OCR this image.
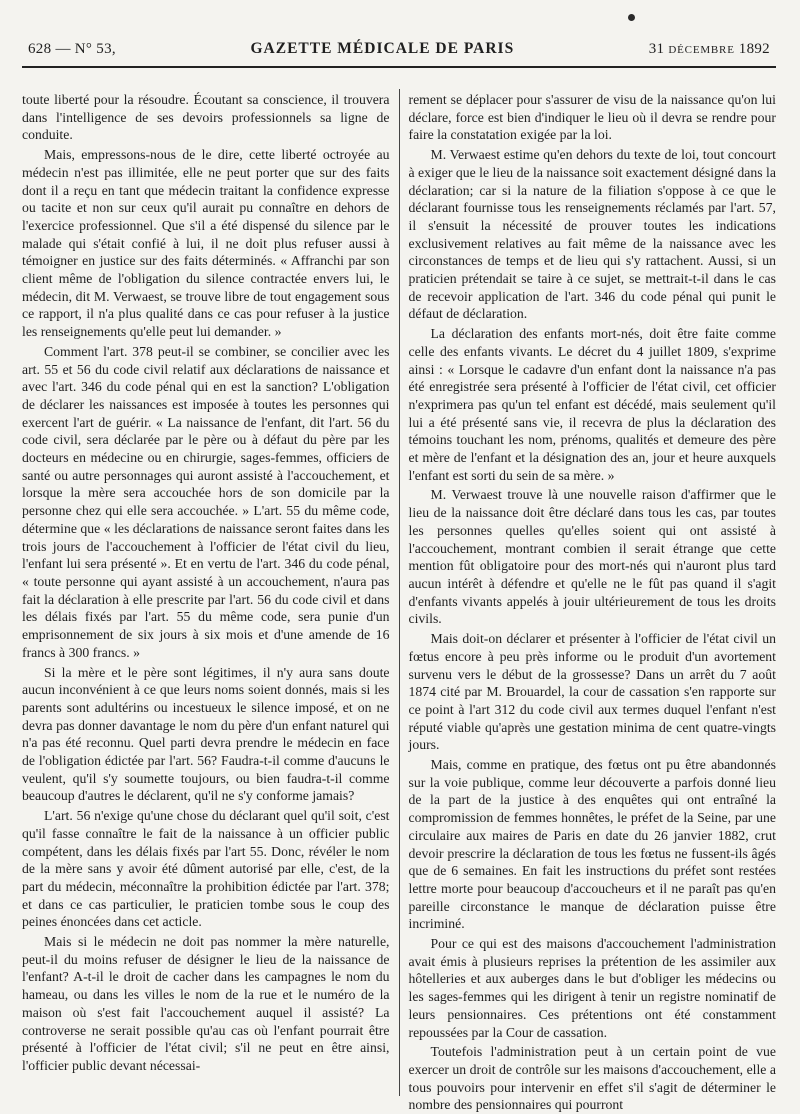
628 — N° 53,	GAZETTE MÉDICALE DE PARIS	31 DÉCEMBRE 1892

toute liberté pour la résoudre. Écoutant sa conscience, il trouvera dans l'intelligence de ses devoirs professionnels sa ligne de conduite.

Mais, empressons-nous de le dire, cette liberté octroyée au médecin n'est pas illimitée, elle ne peut porter que sur des faits dont il a reçu en tant que médecin traitant la confidence expresse ou tacite et non sur ceux qu'il aurait pu connaître en dehors de l'exercice professionnel. Que s'il a été dispensé du silence par le malade qui s'était confié à lui, il ne doit plus refuser aussi à témoigner en justice sur des faits déterminés. « Affranchi par son client même de l'obligation du silence contractée envers lui, le médecin, dit M. Verwaest, se trouve libre de tout engagement sous ce rapport, il n'a plus qualité dans ce cas pour refuser à la justice les renseignements qu'elle peut lui demander. »

Comment l'art. 378 peut-il se combiner, se concilier avec les art. 55 et 56 du code civil relatif aux déclarations de naissance et avec l'art. 346 du code pénal qui en est la sanction? L'obligation de déclarer les naissances est imposée à toutes les personnes qui exercent l'art de guérir. « La naissance de l'enfant, dit l'art. 56 du code civil, sera déclarée par le père ou à défaut du père par les docteurs en médecine ou en chirurgie, sages-femmes, officiers de santé ou autre personnages qui auront assisté à l'accouchement, et lorsque la mère sera accouchée hors de son domicile par la personne chez qui elle sera accouchée. » L'art. 55 du même code, détermine que « les déclarations de naissance seront faites dans les trois jours de l'accouchement à l'officier de l'état civil du lieu, l'enfant lui sera présenté ». Et en vertu de l'art. 346 du code pénal, « toute personne qui ayant assisté à un accouchement, n'aura pas fait la déclaration à elle prescrite par l'art. 56 du code civil et dans les délais fixés par l'art. 55 du même code, sera punie d'un emprisonnement de six jours à six mois et d'une amende de 16 francs à 300 francs. »

Si la mère et le père sont légitimes, il n'y aura sans doute aucun inconvénient à ce que leurs noms soient donnés, mais si les parents sont adultérins ou incestueux le silence imposé, et on ne devra pas donner davantage le nom du père d'un enfant naturel qui n'a pas été reconnu. Quel parti devra prendre le médecin en face de l'obligation édictée par l'art. 56? Faudra-t-il comme d'aucuns le veulent, qu'il s'y soumette toujours, ou bien faudra-t-il comme beaucoup d'autres le déclarent, qu'il ne s'y conforme jamais?

L'art. 56 n'exige qu'une chose du déclarant quel qu'il soit, c'est qu'il fasse connaître le fait de la naissance à un officier public compétent, dans les délais fixés par l'art 55. Donc, révéler le nom de la mère sans y avoir été dûment autorisé par elle, c'est, de la part du médecin, méconnaître la prohibition édictée par l'art. 378; et dans ce cas particulier, le praticien tombe sous le coup des peines énoncées dans cet acticle.

Mais si le médecin ne doit pas nommer la mère naturelle, peut-il du moins refuser de désigner le lieu de la naissance de l'enfant? A-t-il le droit de cacher dans les campagnes le nom du hameau, ou dans les villes le nom de la rue et le numéro de la maison où s'est fait l'accouchement auquel il assisté? La controverse ne serait possible qu'au cas où l'enfant pourrait être présenté à l'officier de l'état civil; s'il ne peut en être ainsi, l'officier public devant nécessai-

rement se déplacer pour s'assurer de visu de la naissance qu'on lui déclare, force est bien d'indiquer le lieu où il devra se rendre pour faire la constatation exigée par la loi.

M. Verwaest estime qu'en dehors du texte de loi, tout concourt à exiger que le lieu de la naissance soit exactement désigné dans la déclaration; car si la nature de la filiation s'oppose à ce que le déclarant fournisse tous les renseignements réclamés par l'art. 57, il s'ensuit la nécessité de prouver toutes les indications exclusivement relatives au fait même de la naissance avec les circonstances de temps et de lieu qui s'y rattachent. Aussi, si un praticien prétendait se taire à ce sujet, se mettrait-t-il dans le cas de recevoir application de l'art. 346 du code pénal qui punit le défaut de déclaration.

La déclaration des enfants mort-nés, doit être faite comme celle des enfants vivants. Le décret du 4 juillet 1809, s'exprime ainsi : « Lorsque le cadavre d'un enfant dont la naissance n'a pas été enregistrée sera présenté à l'officier de l'état civil, cet officier n'exprimera pas qu'un tel enfant est décédé, mais seulement qu'il lui a été présenté sans vie, il recevra de plus la déclaration des témoins touchant les nom, prénoms, qualités et demeure des père et mère de l'enfant et la désignation des an, jour et heure auxquels l'enfant est sorti du sein de sa mère. »

M. Verwaest trouve là une nouvelle raison d'affirmer que le lieu de la naissance doit être déclaré dans tous les cas, par toutes les personnes quelles qu'elles soient qui ont assisté à l'accouchement, montrant combien il serait étrange que cette mention fût obligatoire pour des mort-nés qui n'auront plus tard aucun intérêt à défendre et qu'elle ne le fût pas quand il s'agit d'enfants vivants appelés à jouir ultérieurement de tous les droits civils.

Mais doit-on déclarer et présenter à l'officier de l'état civil un fœtus encore à peu près informe ou le produit d'un avortement survenu vers le début de la grossesse? Dans un arrêt du 7 août 1874 cité par M. Brouardel, la cour de cassation s'en rapporte sur ce point à l'art 312 du code civil aux termes duquel l'enfant n'est réputé viable qu'après une gestation minima de cent quatre-vingts jours.

Mais, comme en pratique, des fœtus ont pu être abandonnés sur la voie publique, comme leur découverte a parfois donné lieu de la part de la justice à des enquêtes qui ont entraîné la compromission de femmes honnêtes, le préfet de la Seine, par une circulaire aux maires de Paris en date du 26 janvier 1882, crut devoir prescrire la déclaration de tous les fœtus ne fussent-ils âgés que de 6 semaines. En fait les instructions du préfet sont restées lettre morte pour beaucoup d'accoucheurs et il ne paraît pas qu'en pareille circonstance le manque de déclaration puisse être incriminé.

Pour ce qui est des maisons d'accouchement l'administration avait émis à plusieurs reprises la prétention de les assimiler aux hôtelleries et aux auberges dans le but d'obliger les médecins ou les sages-femmes qui les dirigent à tenir un registre nominatif de leurs pensionnaires. Ces prétentions ont été constamment repoussées par la Cour de cassation.

Toutefois l'administration peut à un certain point de vue exercer un droit de contrôle sur les maisons d'accouchement, elle a tous pouvoirs pour intervenir en effet s'il s'agit de déterminer le nombre des pensionnaires qui pourront
